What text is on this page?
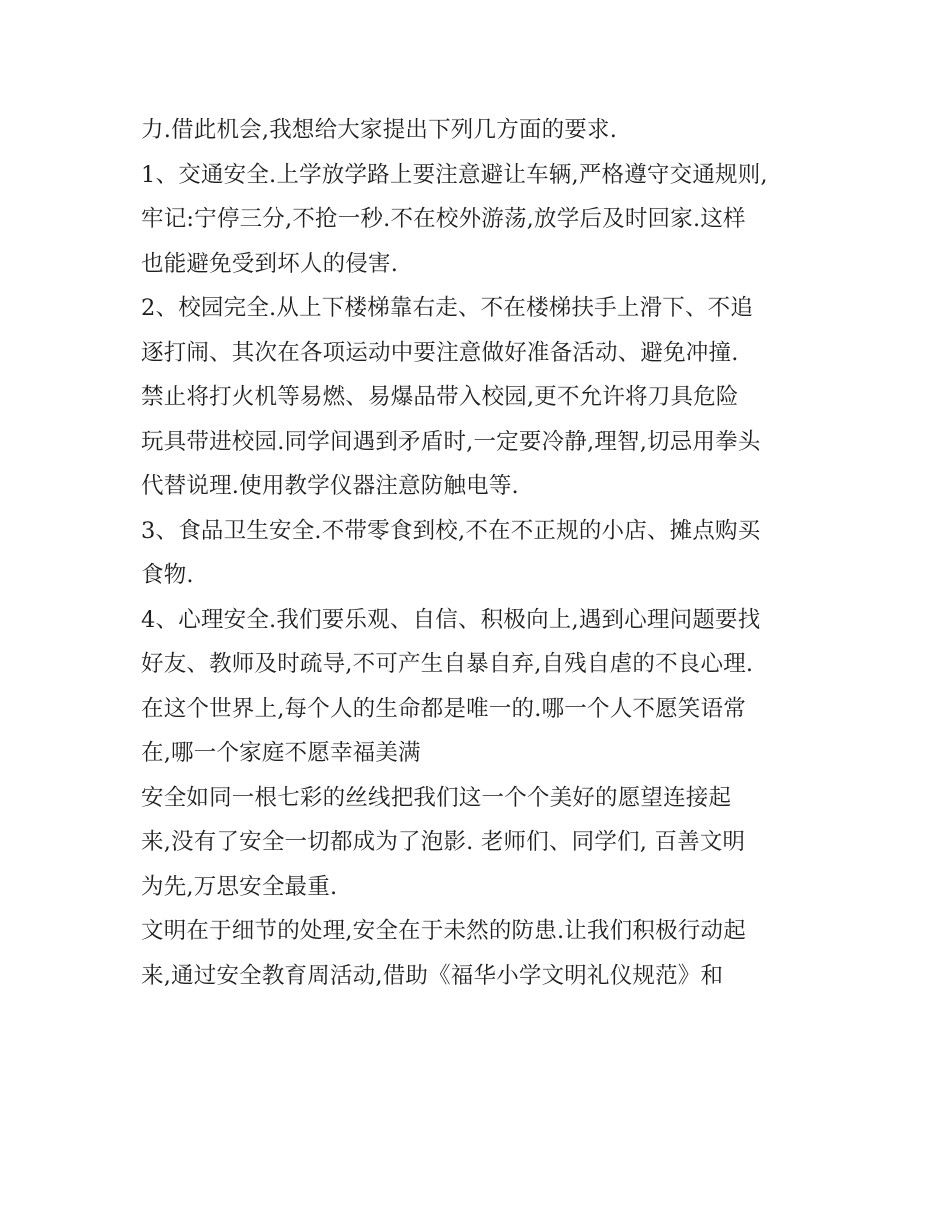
力.借此机会,我想给大家提出下列几方面的要求.
1、交通安全.上学放学路上要注意避让车辆,严格遵守交通规则,
牢记:宁停三分,不抢一秒.不在校外游荡,放学后及时回家.这样
也能避免受到坏人的侵害.
2、校园完全.从上下楼梯靠右走、不在楼梯扶手上滑下、不追
逐打闹、其次在各项运动中要注意做好准备活动、避免冲撞.
禁止将打火机等易燃、易爆品带入校园,更不允许将刀具危险
玩具带进校园.同学间遇到矛盾时,一定要冷静,理智,切忌用拳头
代替说理.使用教学仪器注意防触电等.
3、食品卫生安全.不带零食到校,不在不正规的小店、摊点购买
食物.
4、心理安全.我们要乐观、自信、积极向上,遇到心理问题要找
好友、教师及时疏导,不可产生自暴自弃,自残自虐的不良心理.
在这个世界上,每个人的生命都是唯一的.哪一个人不愿笑语常
在,哪一个家庭不愿幸福美满
安全如同一根七彩的丝线把我们这一个个美好的愿望连接起
来,没有了安全一切都成为了泡影. 老师们、同学们, 百善文明
为先,万思安全最重.
文明在于细节的处理,安全在于未然的防患.让我们积极行动起
来,通过安全教育周活动,借助《福华小学文明礼仪规范》和
